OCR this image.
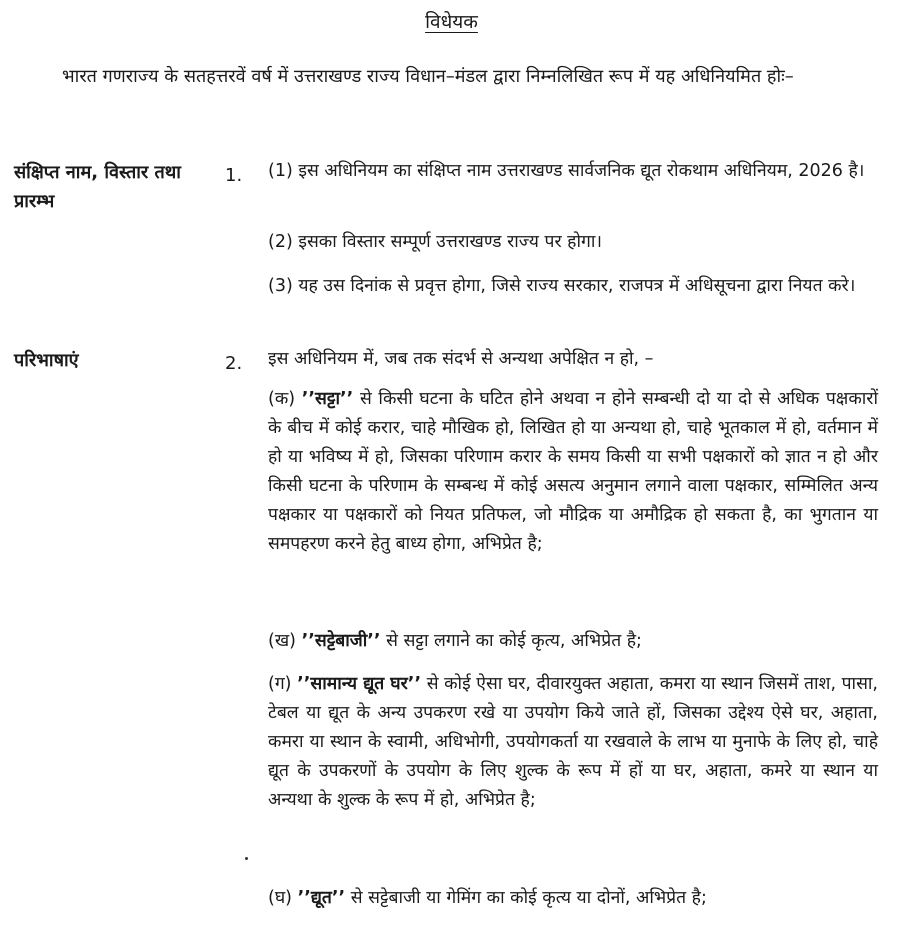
विधेयक
भारत गणराज्य के सतहत्तरवें वर्ष में उत्तराखण्ड राज्य विधान–मंडल द्वारा निम्नलिखित रूप में यह अधिनियमित होः–
संक्षिप्त नाम, विस्तार तथा प्रारम्भ
1. (1) इस अधिनियम का संक्षिप्त नाम उत्तराखण्ड सार्वजनिक द्यूत रोकथाम अधिनियम, 2026 है।
(2) इसका विस्तार सम्पूर्ण उत्तराखण्ड राज्य पर होगा।
(3) यह उस दिनांक से प्रवृत्त होगा, जिसे राज्य सरकार, राजपत्र में अधिसूचना द्वारा नियत करे।
परिभाषाएं	2. इस अधिनियम में, जब तक संदर्भ से अन्यथा अपेक्षित न हो, –
(क) ’’सट्टा’’ से किसी घटना के घटित होने अथवा न होने सम्बन्धी दो या दो से अधिक पक्षकारों के बीच में कोई करार, चाहे मौखिक हो, लिखित हो या अन्यथा हो, चाहे भूतकाल में हो, वर्तमान में हो या भविष्य में हो, जिसका परिणाम करार के समय किसी या सभी पक्षकारों को ज्ञात न हो और किसी घटना के परिणाम के सम्बन्ध में कोई असत्य अनुमान लगाने वाला पक्षकार, सम्मिलित अन्य पक्षकार या पक्षकारों को नियत प्रतिफल, जो मौद्रिक या अमौद्रिक हो सकता है, का भुगतान या समपहरण करने हेतु बाध्य होगा, अभिप्रेत है;
(ख) ’’सट्टेबाजी’’ से सट्टा लगाने का कोई कृत्य, अभिप्रेत है;
(ग) ’’सामान्य द्यूत घर’’ से कोई ऐसा घर, दीवारयुक्त अहाता, कमरा या स्थान जिसमें ताश, पासा, टेबल या द्यूत के अन्य उपकरण रखे या उपयोग किये जाते हों, जिसका उद्देश्य ऐसे घर, अहाता, कमरा या स्थान के स्वामी, अधिभोगी, उपयोगकर्ता या रखवाले के लाभ या मुनाफे के लिए हो, चाहे द्यूत के उपकरणों के उपयोग के लिए शुल्क के रूप में हों या घर, अहाता, कमरे या स्थान या अन्यथा के शुल्क के रूप में हो, अभिप्रेत है;
(घ) ’’द्यूत’’ से सट्टेबाजी या गेमिंग का कोई कृत्य या दोनों, अभिप्रेत है;
